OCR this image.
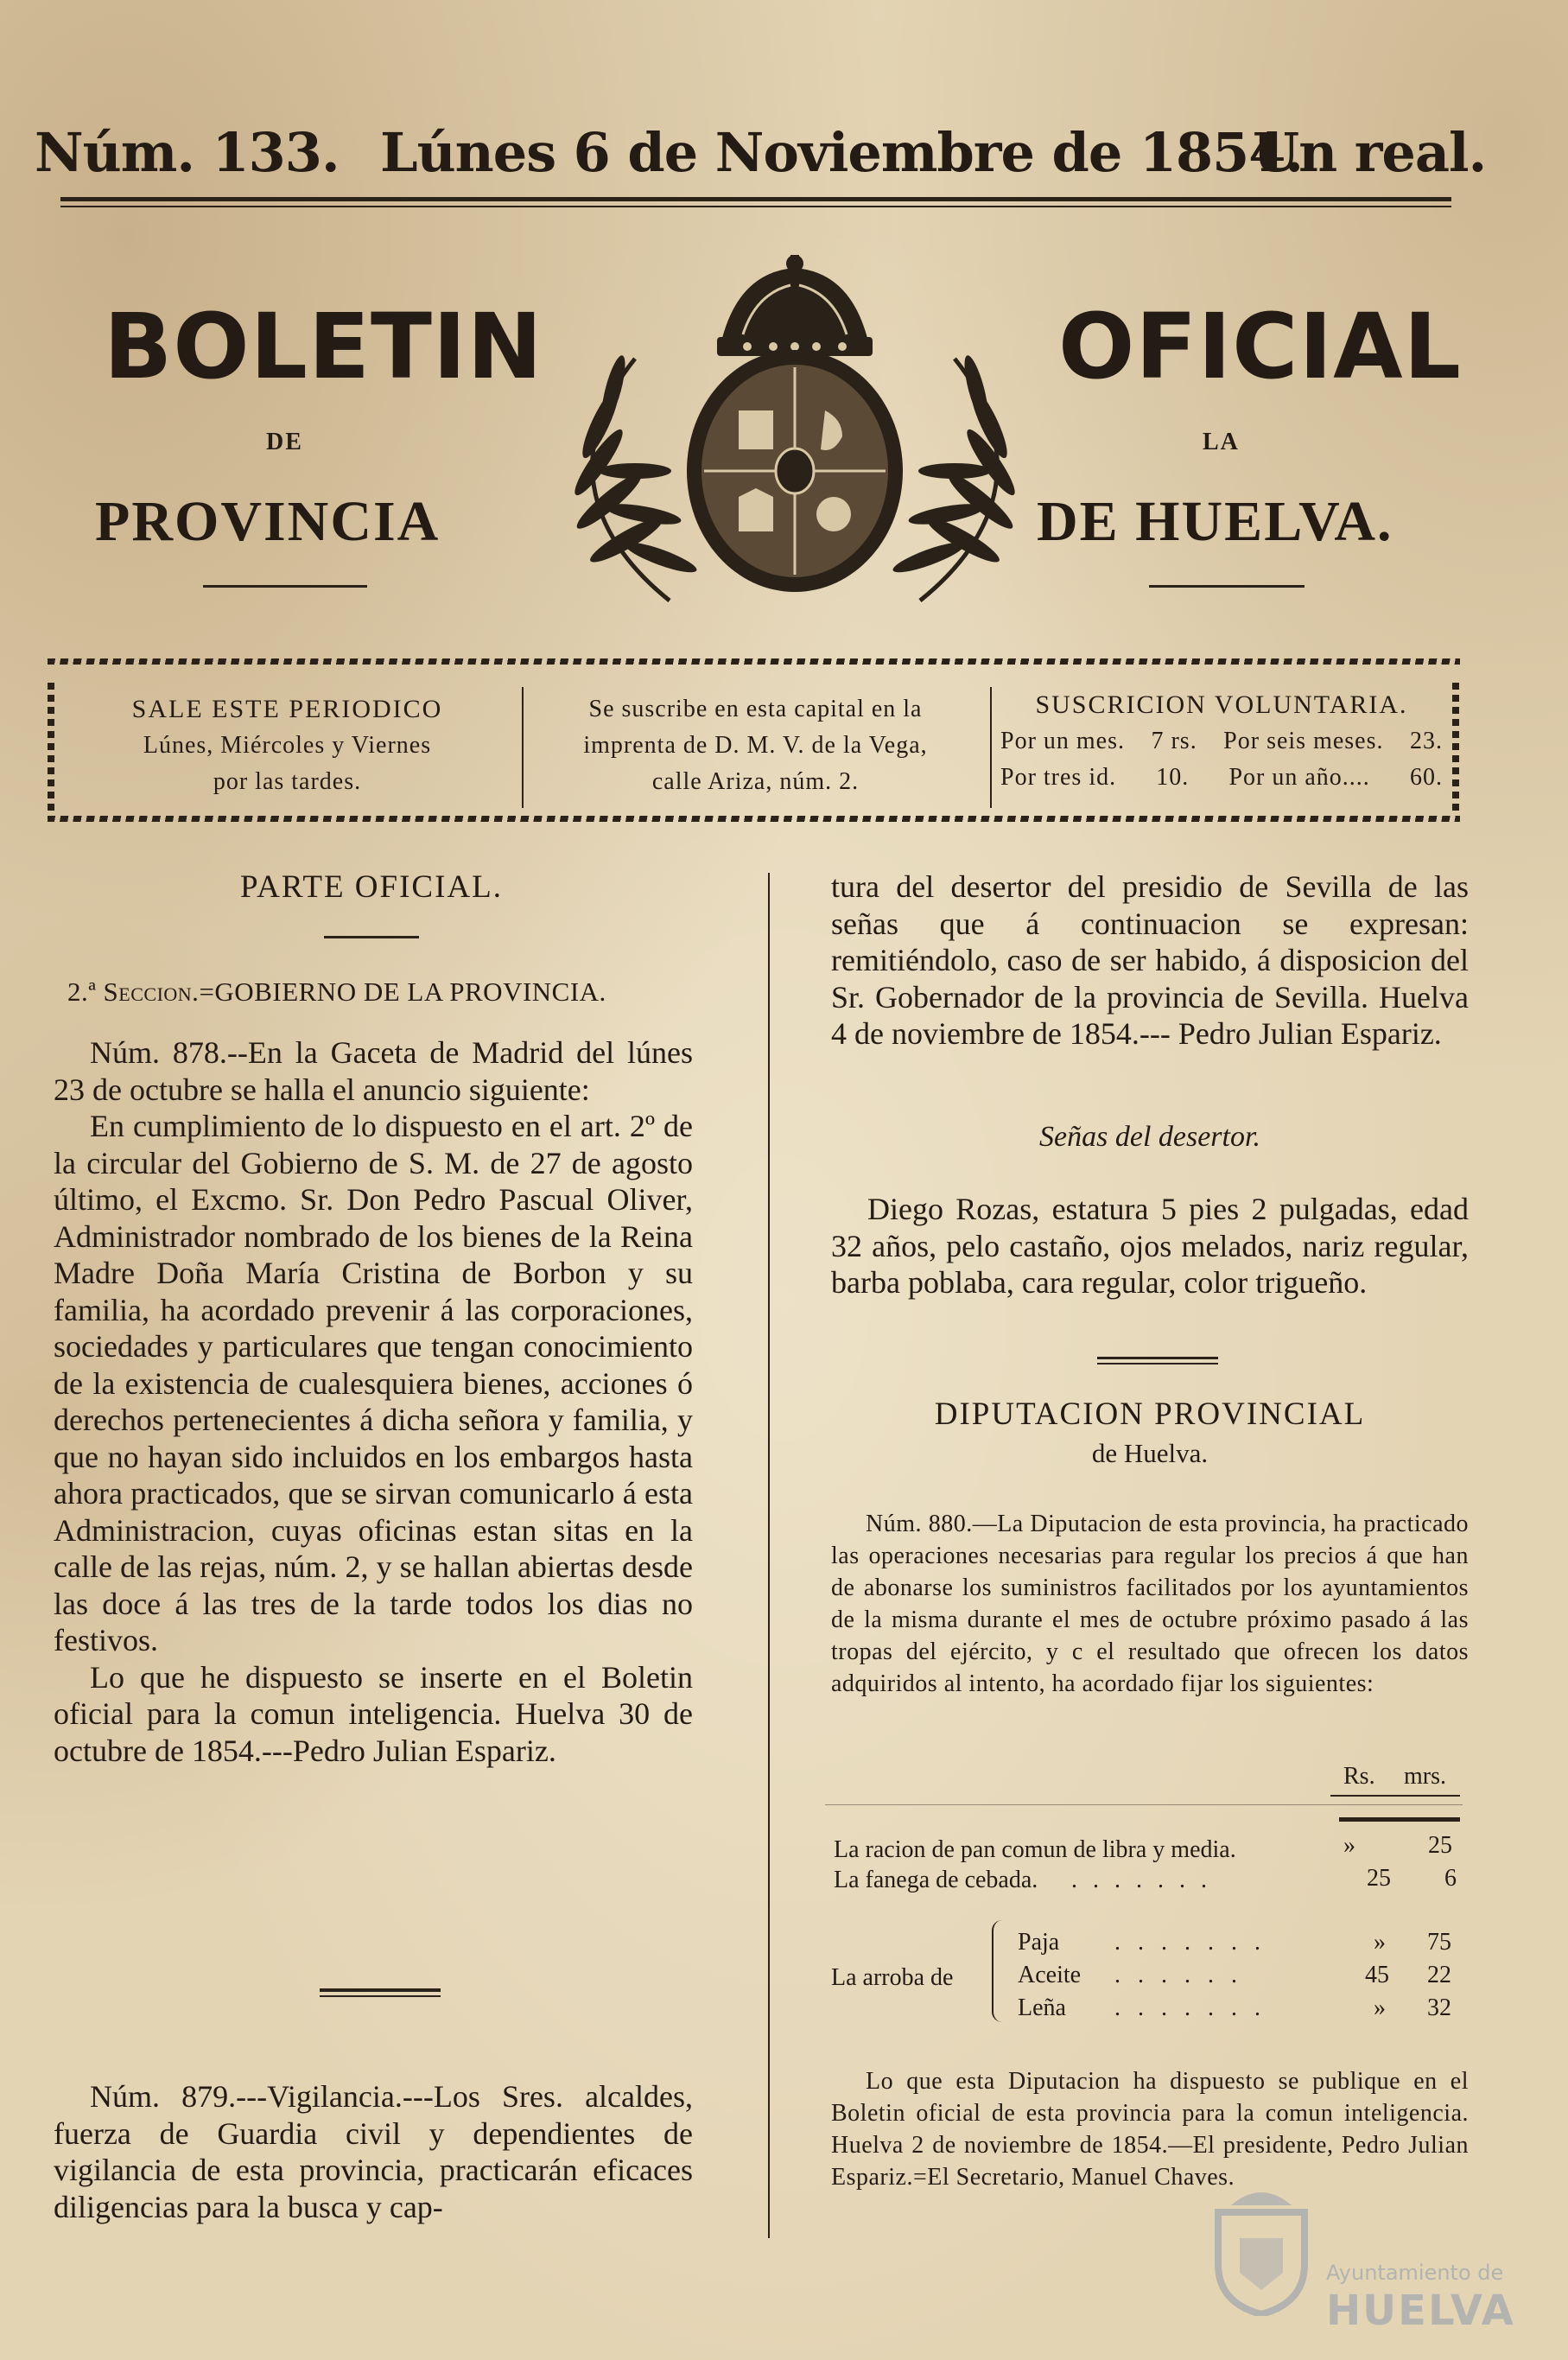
Núm. 133. Lúnes 6 de Noviembre de 1854.
Un real.
BOLETIN	OFICIAL
DE	LA
PROVINCIA	DE HUELVA.
SALE ESTE PERIODICO
Lúnes, Miércoles y Viernes
por las tardes.
Se suscribe en esta capital en la
imprenta de D. M. V. de la Vega,
calle Ariza, núm. 2.
SUSCRICION VOLUNTARIA.
Por un mes. 7 rs. Por seis meses. 23.
Por tres id. 10. Por un año.... 60.
PARTE OFICIAL.
2.ª Seccion.=GOBIERNO DE LA PROVINCIA.

Núm. 878.--En la Gaceta de Madrid del lúnes 23 de octubre se halla el anuncio siguiente:

En cumplimiento de lo dispuesto en el art. 2º de la circular del Gobierno de S. M. de 27 de agosto último, el Excmo. Sr. Don Pedro Pascual Oliver, Administrador nombrado de los bienes de la Reina Madre Doña María Cristina de Borbon y su familia, ha acordado prevenir á las corporaciones, sociedades y particulares que tengan conocimiento de la existencia de cualesquiera bienes, acciones ó derechos pertenecientes á dicha señora y familia, y que no hayan sido incluidos en los embargos hasta ahora practicados, que se sirvan comunicarlo á esta Administracion, cuyas oficinas estan sitas en la calle de las rejas, núm. 2, y se hallan abiertas desde las doce á las tres de la tarde todos los dias no festivos.

Lo que he dispuesto se inserte en el Boletin oficial para la comun inteligencia. Huelva 30 de octubre de 1854.---Pedro Julian Espariz.

Núm. 879.---Vigilancia.---Los Sres. alcaldes, fuerza de Guardia civil y dependientes de vigilancia de esta provincia, practicarán eficaces diligencias para la busca y cap-

tura del desertor del presidio de Sevilla de las señas que á continuacion se expresan: remitiéndolo, caso de ser habido, á disposicion del Sr. Gobernador de la provincia de Sevilla. Huelva 4 de noviembre de 1854.--- Pedro Julian Espariz.

Señas del desertor.

Diego Rozas, estatura 5 pies 2 pulgadas, edad 32 años, pelo castaño, ojos melados, nariz regular, barba poblaba, cara regular, color trigueño.

DIPUTACION PROVINCIAL
de Huelva.

Núm. 880.—La Diputacion de esta provincia, ha practicado las operaciones necesarias para regular los precios á que han de abonarse los suministros facilitados por los ayuntamientos de la misma durante el mes de octubre próximo pasado á las tropas del ejército, y c el resultado que ofrecen los datos adquiridos al intento, ha acordado fijar los siguientes:

Rs. mrs.
La racion de pan comun de libra y media.	»	25
La fanega de cebada. .......	25 6
La arroba de
Paja .......	» 75
Aceite ......	45 22
Leña .......	» 32

Lo que esta Diputacion ha dispuesto se publique en el Boletin oficial de esta provincia para la comun inteligencia. Huelva 2 de noviembre de 1854.—El presidente, Pedro Julian Espariz.=El Secretario, Manuel Chaves.

Ayuntamiento de
HUELVA
